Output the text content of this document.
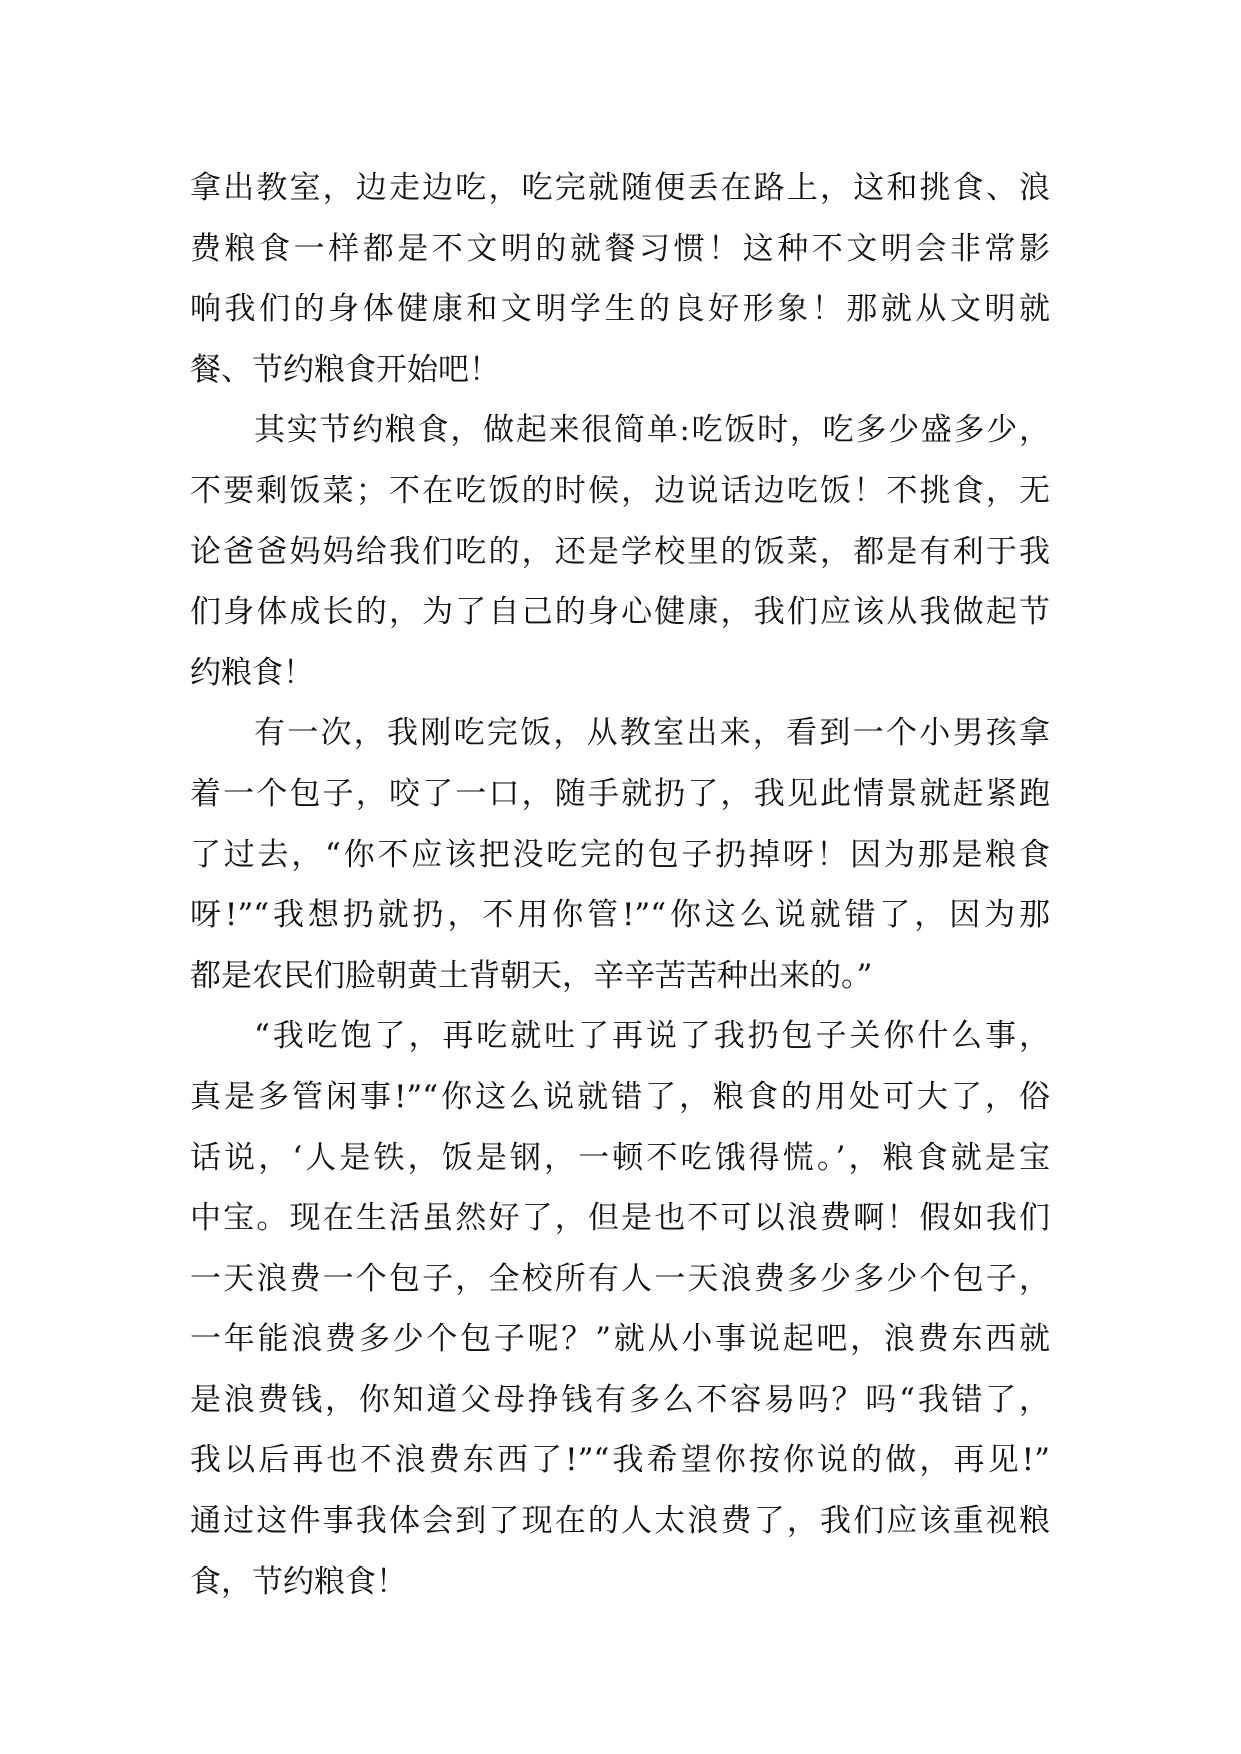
拿出教室，边走边吃，吃完就随便丢在路上，这和挑食、浪
费粮食一样都是不文明的就餐习惯！这种不文明会非常影
响我们的身体健康和文明学生的良好形象！那就从文明就
餐、节约粮食开始吧！
其实节约粮食，做起来很简单:吃饭时，吃多少盛多少，
不要剩饭菜；不在吃饭的时候，边说话边吃饭！不挑食，无
论爸爸妈妈给我们吃的，还是学校里的饭菜，都是有利于我
们身体成长的，为了自己的身心健康，我们应该从我做起节
约粮食！
有一次，我刚吃完饭，从教室出来，看到一个小男孩拿
着一个包子，咬了一口，随手就扔了，我见此情景就赶紧跑
了过去，“你不应该把没吃完的包子扔掉呀！因为那是粮食
呀!”“我想扔就扔，不用你管!”“你这么说就错了，因为那
都是农民们脸朝黄土背朝天，辛辛苦苦种出来的。”
“我吃饱了，再吃就吐了再说了我扔包子关你什么事，
真是多管闲事!”“你这么说就错了，粮食的用处可大了，俗
话说，‘人是铁，饭是钢，一顿不吃饿得慌。’，粮食就是宝
中宝。现在生活虽然好了，但是也不可以浪费啊！假如我们
一天浪费一个包子，全校所有人一天浪费多少多少个包子，
一年能浪费多少个包子呢？”就从小事说起吧，浪费东西就
是浪费钱，你知道父母挣钱有多么不容易吗？吗“我错了，
我以后再也不浪费东西了!”“我希望你按你说的做，再见!”
通过这件事我体会到了现在的人太浪费了，我们应该重视粮
食，节约粮食！
